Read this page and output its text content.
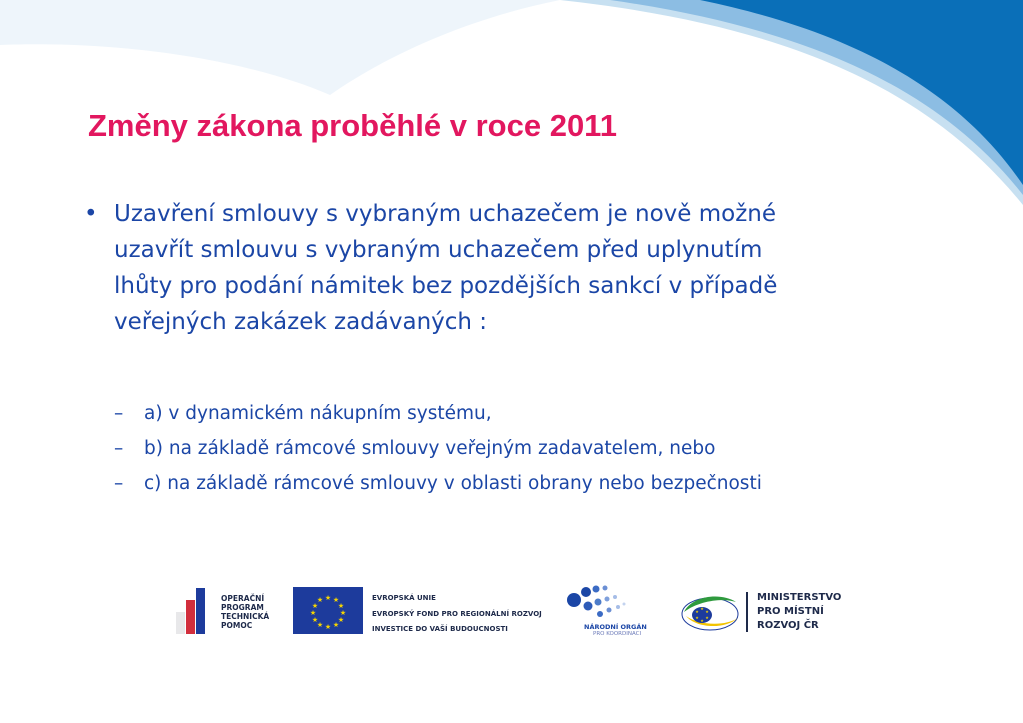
Změny zákona proběhlé v roce 2011
• Uzavření smlouvy s vybraným uchazečem je nově možné
uzavřít smlouvu s vybraným uchazečem před uplynutím
lhůty pro podání námitek bez pozdějších sankcí v případě
veřejných zakázek zadávaných :
– a) v dynamickém nákupním systému,
– b) na základě rámcové smlouvy veřejným zadavatelem, nebo
– c) na základě rámcové smlouvy v oblasti obrany nebo bezpečnosti
OPERAČNÍ
PROGRAM
TECHNICKÁ
POMOC
★ ★
★
★
★
★
★
★
★
★
★
★	EVROPSKÁ UNIE
EVROPSKÝ FOND PRO REGIONÁLNÍ ROZVOJ
INVESTICE DO VAŠÍ BUDOUCNOSTI	NÁRODNÍ ORGÁN
PRO KOORDINACI
★
★
★
★
★
★
MINISTERSTVO
PRO MÍSTNÍ
ROZVOJ ČR
